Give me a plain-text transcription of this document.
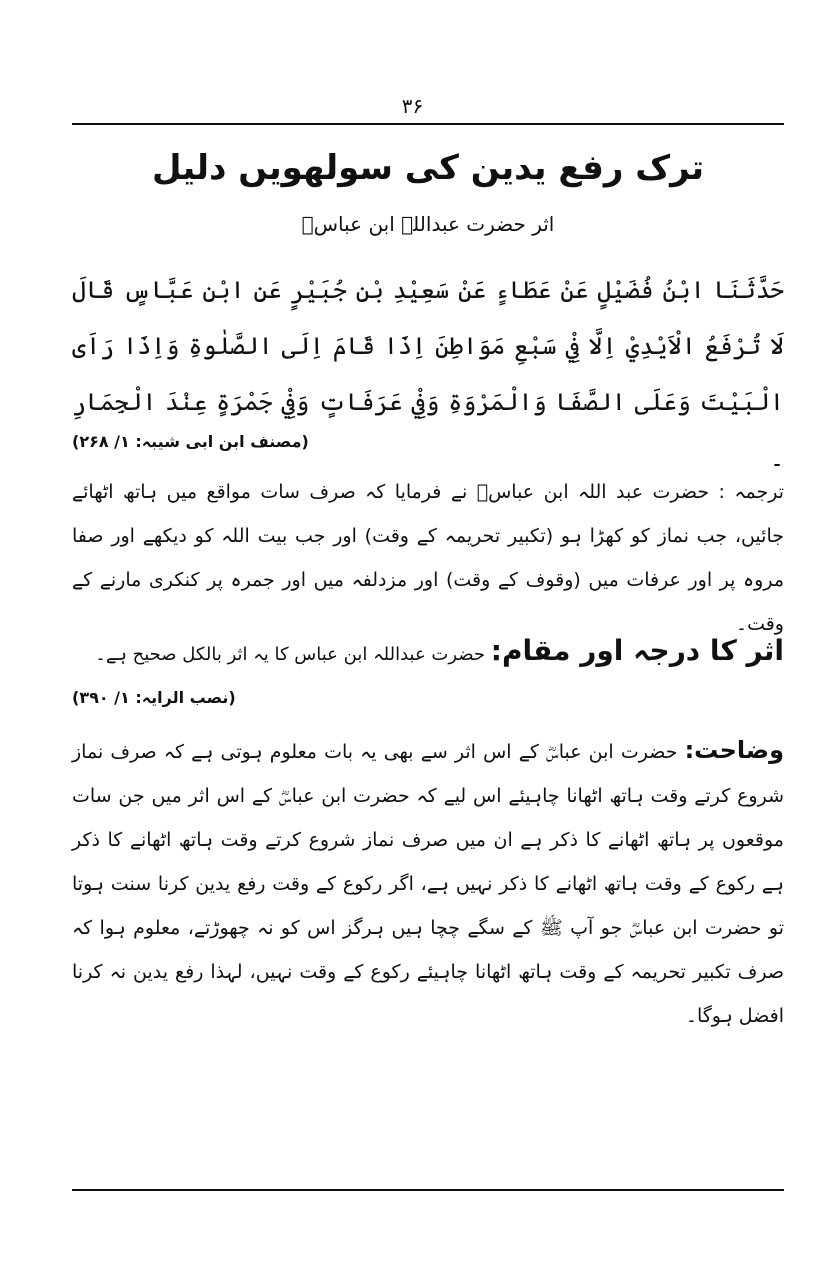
۳۶
ترک رفع یدین کی سولھویں دلیل
اثر حضرت عبداللہ ابن عباسؓ

حَدَّثَنَا ابْنُ فُضَيْلٍ عَنْ عَطَاءٍ عَنْ سَعِيْدِ بْنِ جُبَيْرٍ عَنِ ابْنِ عَبَّاسٍ قَالَ لَا تُرْفَعُ الْاَيْدِيْ اِلَّا فِيْ سَبْعِ مَوَاطِنَ اِذَا قَامَ اِلَى الصَّلٰوةِ وَاِذَا رَاَى الْبَيْتَ وَعَلَى الصَّفَا وَالْمَرْوَةِ وَفِيْ عَرَفَاتٍ وَفِيْ جَمْرَةٍ عِنْدَ الْجِمَارِ ۔

(مصنف ابن ابی شیبہ: ۱/ ۲۶۸)

ترجمہ : حضرت عبد اللہ ابن عباسؓ نے فرمایا کہ صرف سات مواقع میں ہاتھ اٹھائے جائیں، جب نماز کو کھڑا ہو (تکبیر تحریمہ کے وقت) اور جب بیت اللہ کو دیکھے اور صفا مروہ پر اور عرفات میں (وقوف کے وقت) اور مزدلفہ میں اور جمرہ پر کنکری مارنے کے وقت۔

اثر کا درجہ اور مقام: حضرت عبداللہ ابن عباس کا یہ اثر بالکل صحیح ہے۔

(نصب الرایہ: ۱/ ۳۹۰)

وضاحت: حضرت ابن عباسؓ کے اس اثر سے بھی یہ بات معلوم ہوتی ہے کہ صرف نماز شروع کرتے وقت ہاتھ اٹھانا چاہیئے اس لیے کہ حضرت ابن عباسؓ کے اس اثر میں جن سات موقعوں پر ہاتھ اٹھانے کا ذکر ہے ان میں صرف نماز شروع کرتے وقت ہاتھ اٹھانے کا ذکر ہے رکوع کے وقت ہاتھ اٹھانے کا ذکر نہیں ہے، اگر رکوع کے وقت رفع یدین کرنا سنت ہوتا تو حضرت ابن عباسؓ جو آپ ﷺ کے سگے چچا ہیں ہرگز اس کو نہ چھوڑتے، معلوم ہوا کہ صرف تکبیر تحریمہ کے وقت ہاتھ اٹھانا چاہیئے رکوع کے وقت نہیں، لہذا رفع یدین نہ کرنا افضل ہوگا۔
